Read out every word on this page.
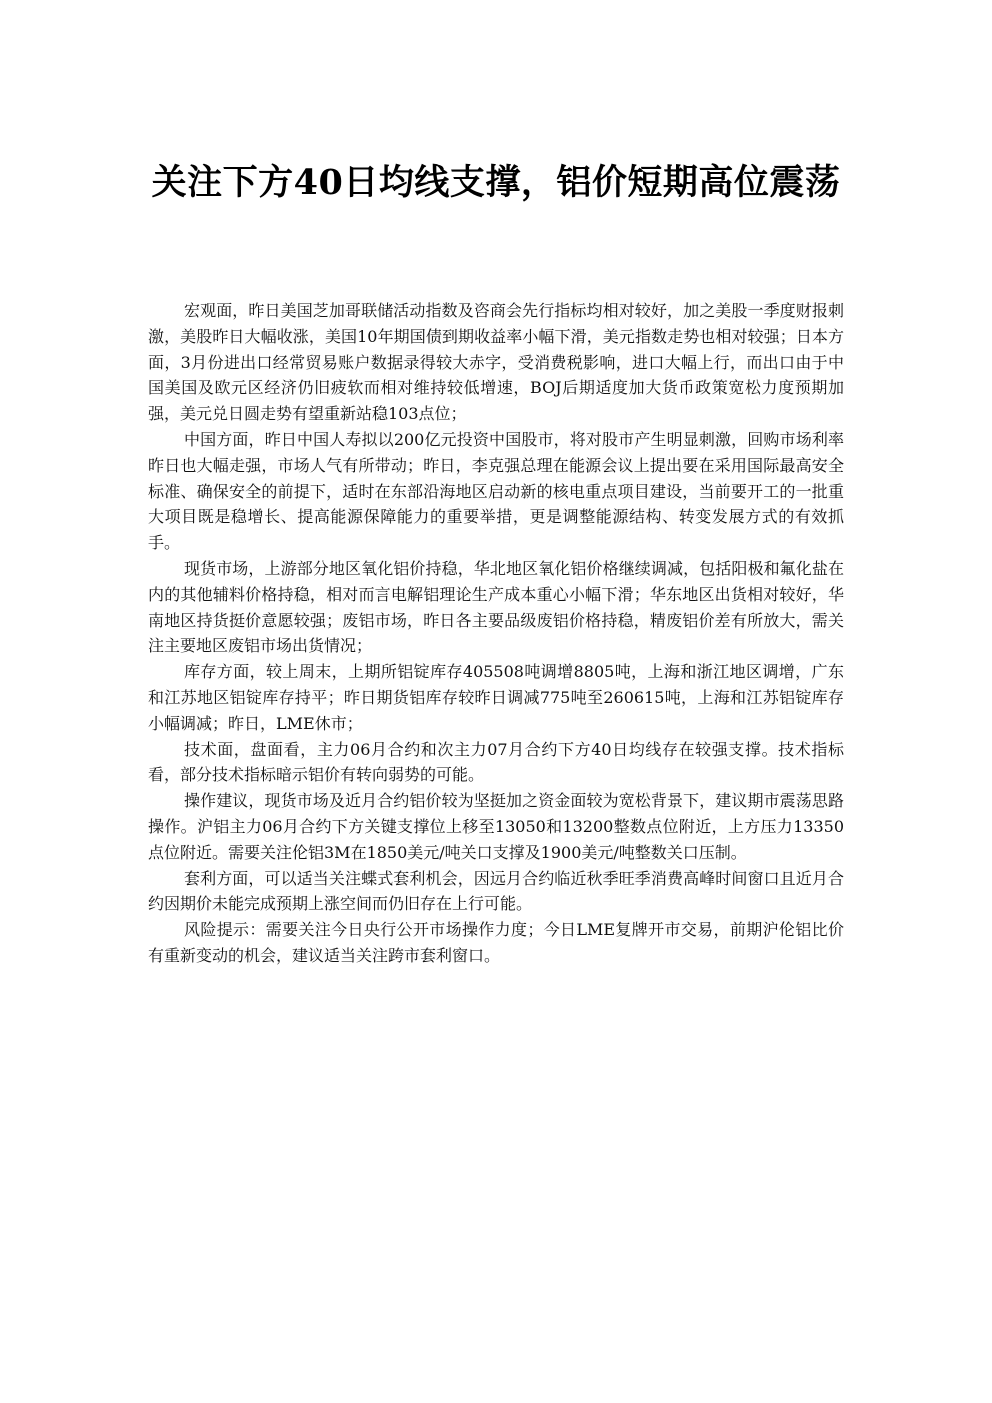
关注下方40日均线支撑，铝价短期高位震荡

宏观面，昨日美国芝加哥联储活动指数及咨商会先行指标均相对较好，加之美股一季度财报刺激，美股昨日大幅收涨，美国10年期国债到期收益率小幅下滑，美元指数走势也相对较强；日本方面，3月份进出口经常贸易账户数据录得较大赤字，受消费税影响，进口大幅上行，而出口由于中国美国及欧元区经济仍旧疲软而相对维持较低增速，BOJ后期适度加大货币政策宽松力度预期加强，美元兑日圆走势有望重新站稳103点位；

中国方面，昨日中国人寿拟以200亿元投资中国股市，将对股市产生明显刺激，回购市场利率昨日也大幅走强，市场人气有所带动；昨日，李克强总理在能源会议上提出要在采用国际最高安全标准、确保安全的前提下，适时在东部沿海地区启动新的核电重点项目建设，当前要开工的一批重大项目既是稳增长、提高能源保障能力的重要举措，更是调整能源结构、转变发展方式的有效抓手。

现货市场，上游部分地区氧化铝价持稳，华北地区氧化铝价格继续调减，包括阳极和氟化盐在内的其他辅料价格持稳，相对而言电解铝理论生产成本重心小幅下滑；华东地区出货相对较好，华南地区持货挺价意愿较强；废铝市场，昨日各主要品级废铝价格持稳，精废铝价差有所放大，需关注主要地区废铝市场出货情况；

库存方面，较上周末，上期所铝锭库存405508吨调增8805吨，上海和浙江地区调增，广东和江苏地区铝锭库存持平；昨日期货铝库存较昨日调减775吨至260615吨，上海和江苏铝锭库存小幅调减；昨日，LME休市；

技术面，盘面看，主力06月合约和次主力07月合约下方40日均线存在较强支撑。技术指标看，部分技术指标暗示铝价有转向弱势的可能。

操作建议，现货市场及近月合约铝价较为坚挺加之资金面较为宽松背景下，建议期市震荡思路操作。沪铝主力06月合约下方关键支撑位上移至13050和13200整数点位附近，上方压力13350点位附近。需要关注伦铝3M在1850美元/吨关口支撑及1900美元/吨整数关口压制。

套利方面，可以适当关注蝶式套利机会，因远月合约临近秋季旺季消费高峰时间窗口且近月合约因期价未能完成预期上涨空间而仍旧存在上行可能。

风险提示：需要关注今日央行公开市场操作力度；今日LME复牌开市交易，前期沪伦铝比价有重新变动的机会，建议适当关注跨市套利窗口。
